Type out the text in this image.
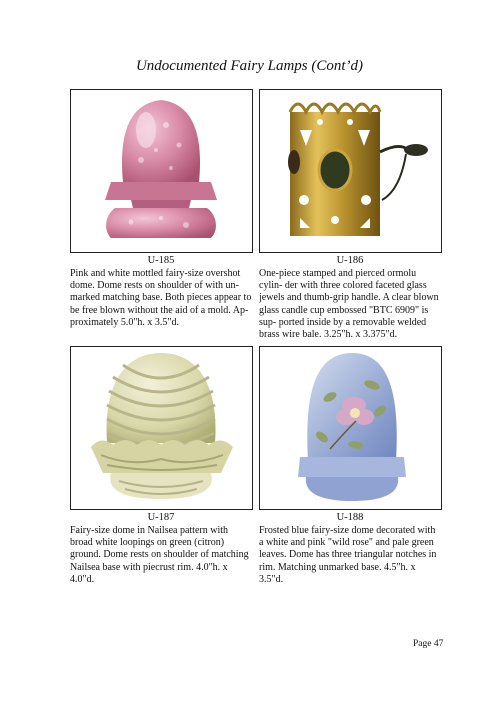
Undocumented Fairy Lamps (Cont’d)
U-185	U-186
Pink and white mottled fairy-size overshot dome. Dome rests on shoulder of with un- marked matching base. Both pieces appear to be free blown without the aid of a mold. Ap- proximately 5.0"h. x 3.5"d.
One-piece stamped and pierced ormolu cylin- der with three colored faceted glass jewels and thumb-grip handle. A clear blown glass candle cup embossed "BTC 6909" is sup- ported inside by a removable welded brass wire bale. 3.25"h. x 3.375"d.
U-187	U-188
Fairy-size dome in Nailsea pattern with broad white loopings on green (citron) ground. Dome rests on shoulder of matching Nailsea base with piecrust rim. 4.0"h. x 4.0"d.
Frosted blue fairy-size dome decorated with a white and pink "wild rose" and pale green leaves. Dome has three triangular notches in rim. Matching unmarked base. 4.5"h. x 3.5"d.
Page 47
